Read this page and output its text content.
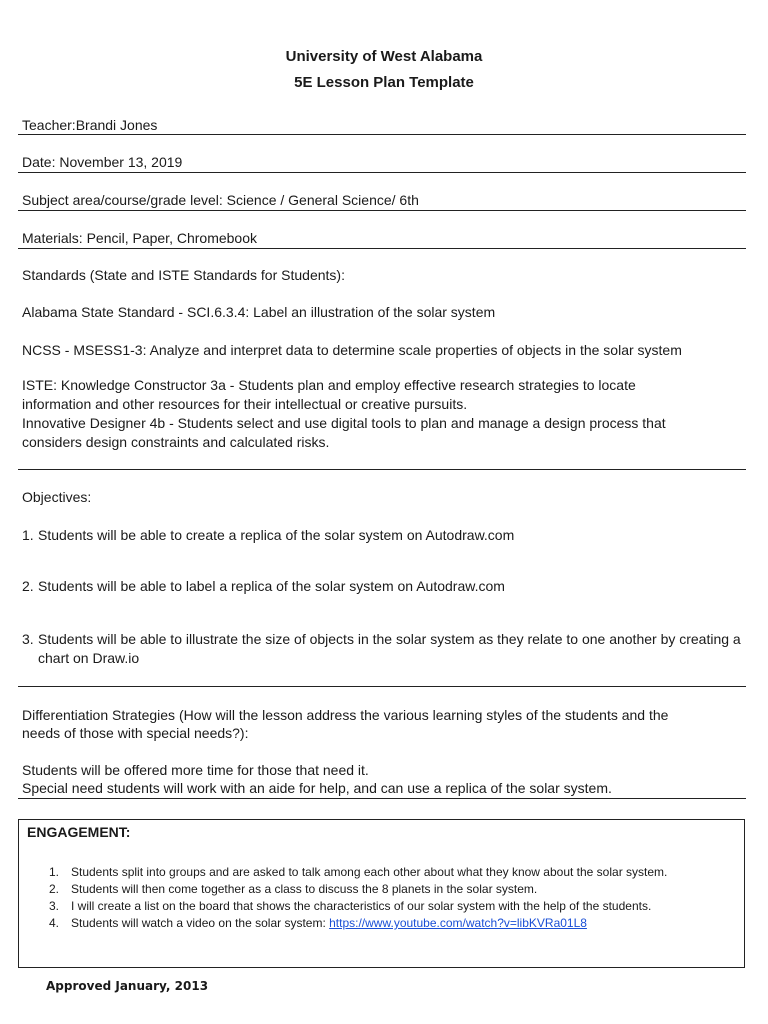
University of West Alabama
5E Lesson Plan Template
Teacher:Brandi Jones
Date: November 13, 2019
Subject area/course/grade level: Science / General Science/ 6th
Materials: Pencil, Paper, Chromebook
Standards (State and ISTE Standards for Students):
Alabama State Standard - SCI.6.3.4: Label an illustration of the solar system
NCSS - MSESS1-3: Analyze and interpret data to determine scale properties of objects in the solar system
ISTE: Knowledge Constructor 3a - Students plan and employ effective research strategies to locate
information and other resources for their intellectual or creative pursuits.
Innovative Designer 4b - Students select and use digital tools to plan and manage a design process that
considers design constraints and calculated risks.
Objectives:
1. Students will be able to create a replica of the solar system on Autodraw.com
2. Students will be able to label a replica of the solar system on Autodraw.com
3. Students will be able to illustrate the size of objects in the solar system as they relate to one another by creating a chart on Draw.io
Differentiation Strategies (How will the lesson address the various learning styles of the students and the
needs of those with special needs?):
Students will be offered more time for those that need it.
Special need students will work with an aide for help, and can use a replica of the solar system.
ENGAGEMENT:
1. Students split into groups and are asked to talk among each other about what they know about the solar system.
2. Students will then come together as a class to discuss the 8 planets in the solar system.
3. I will create a list on the board that shows the characteristics of our solar system with the help of the students.
4. Students will watch a video on the solar system: https://www.youtube.com/watch?v=libKVRa01L8
Approved January, 2013
